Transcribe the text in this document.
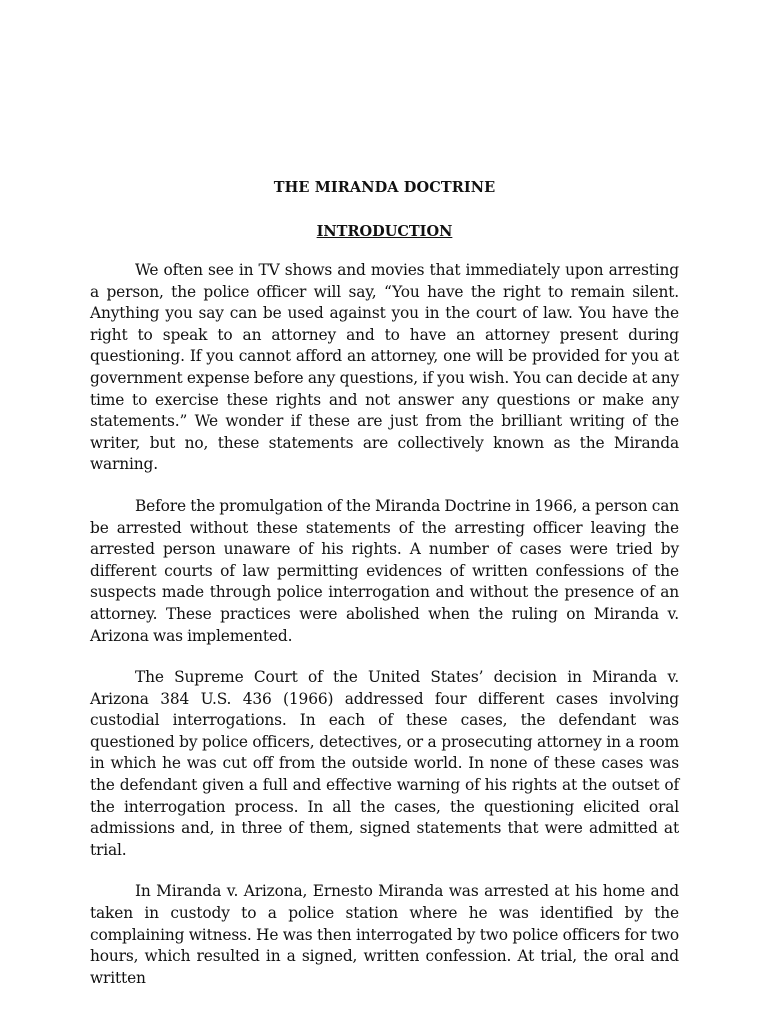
THE MIRANDA DOCTRINE
INTRODUCTION

We often see in TV shows and movies that immediately upon arresting a person, the police officer will say, “You have the right to remain silent. Anything you say can be used against you in the court of law. You have the right to speak to an attorney and to have an attorney present during questioning. If you cannot afford an attorney, one will be provided for you at government expense before any questions, if you wish. You can decide at any time to exercise these rights and not answer any questions or make any statements.” We wonder if these are just from the brilliant writing of the writer, but no, these statements are collectively known as the Miranda warning.

Before the promulgation of the Miranda Doctrine in 1966, a person can be arrested without these statements of the arresting officer leaving the arrested person unaware of his rights. A number of cases were tried by different courts of law permitting evidences of written confessions of the suspects made through police interrogation and without the presence of an attorney. These practices were abolished when the ruling on Miranda v. Arizona was implemented.

The Supreme Court of the United States’ decision in Miranda v. Arizona 384 U.S. 436 (1966) addressed four different cases involving custodial interrogations. In each of these cases, the defendant was questioned by police officers, detectives, or a prosecuting attorney in a room in which he was cut off from the outside world. In none of these cases was the defendant given a full and effective warning of his rights at the outset of the interrogation process. In all the cases, the questioning elicited oral admissions and, in three of them, signed statements that were admitted at trial.

In Miranda v. Arizona, Ernesto Miranda was arrested at his home and taken in custody to a police station where he was identified by the complaining witness. He was then interrogated by two police officers for two hours, which resulted in a signed, written confession. At trial, the oral and written
